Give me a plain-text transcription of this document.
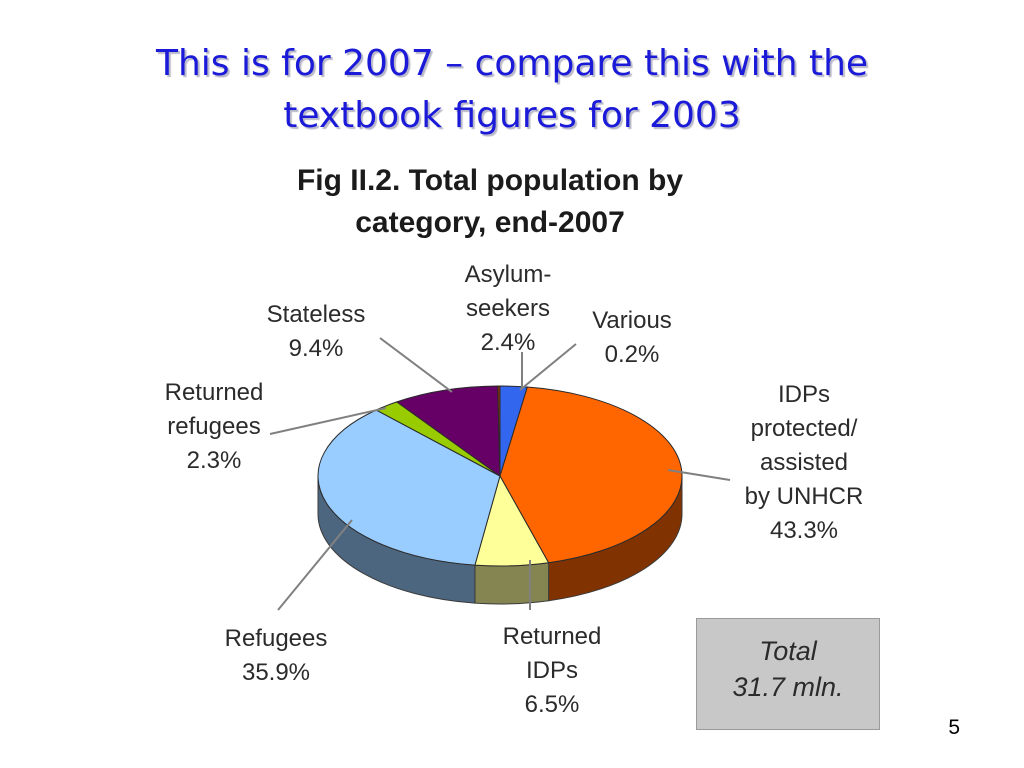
This is for 2007 – compare this with the
textbook figures for 2003
Fig II.2. Total population by
category, end-2007
Asylum-seekers 2.4%
IDPs protected/ assisted by UNHCR 43.3%
Returned IDPs 6.5%
Refugees 35.9%
Returned refugees 2.3%
Stateless 9.4%
Various 0.2%
Total
31.7 mln.
5
